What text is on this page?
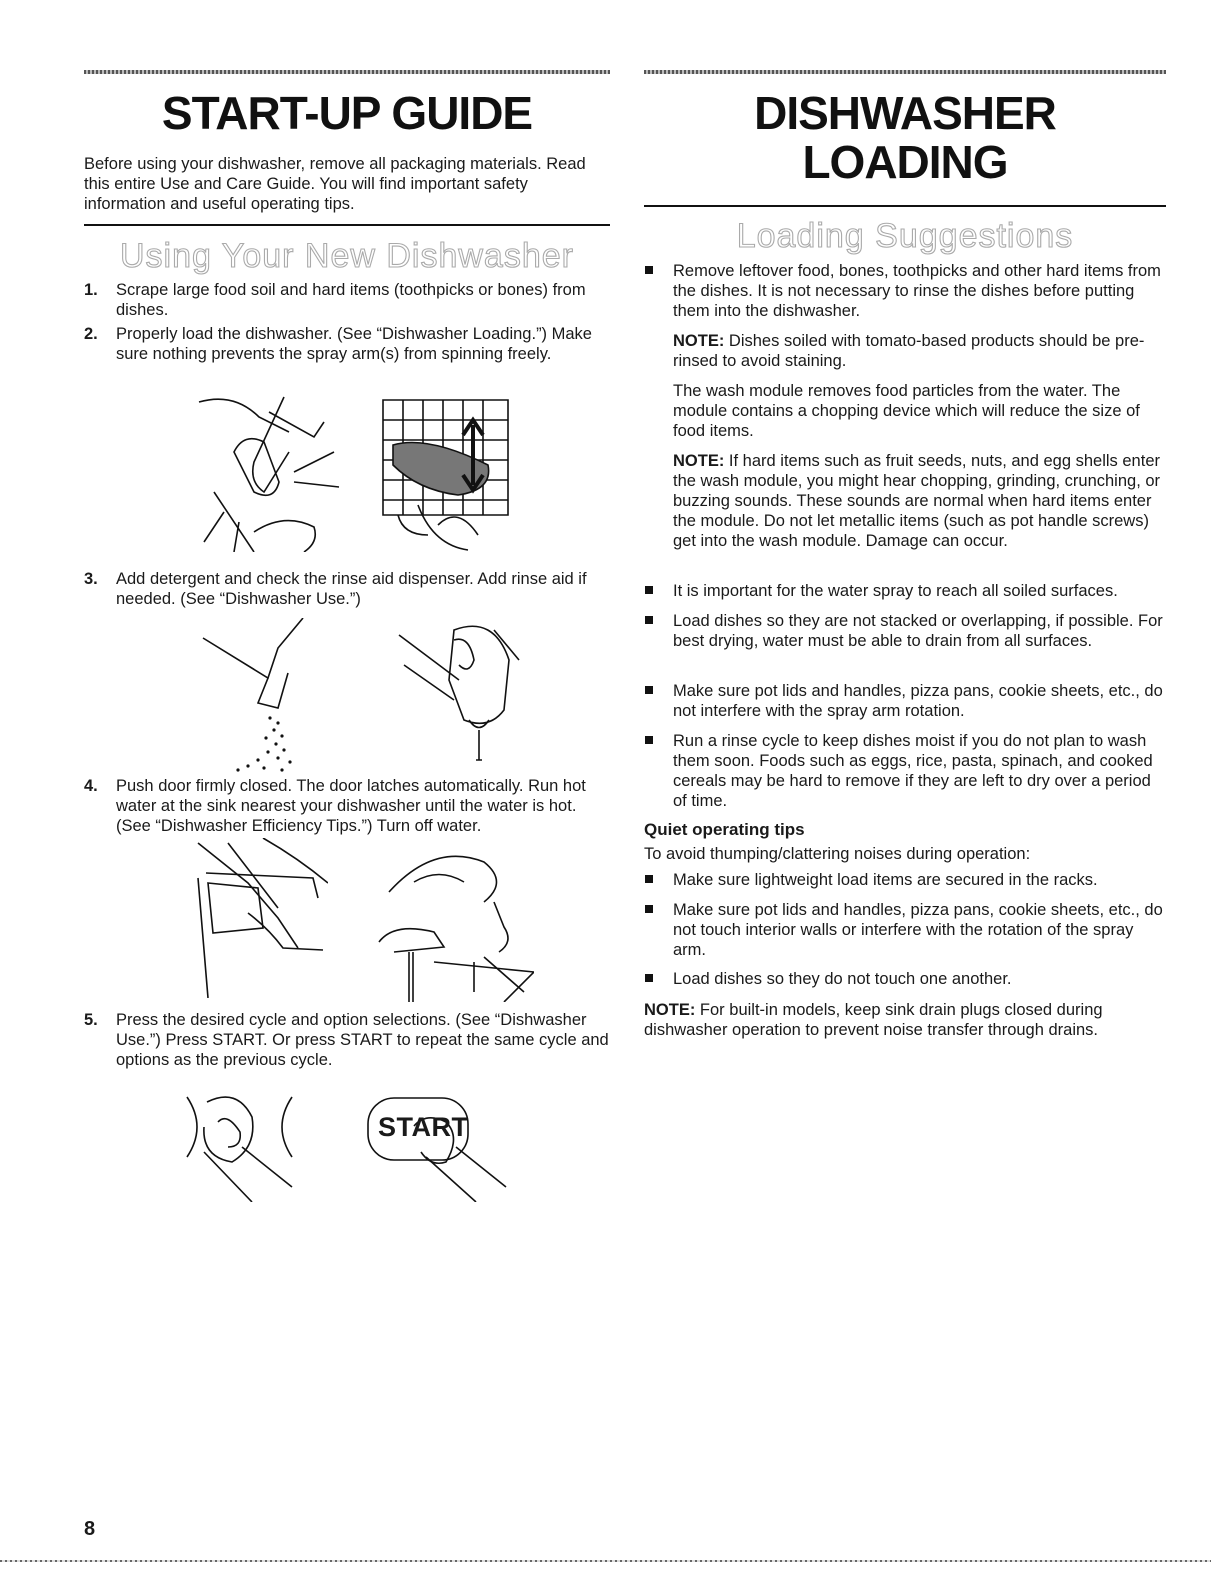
START-UP GUIDE

Before using your dishwasher, remove all packaging materials. Read this entire Use and Care Guide. You will find important safety information and useful operating tips.

Using Your New Dishwasher
1. Scrape large food soil and hard items (toothpicks or bones) from dishes.
2. Properly load the dishwasher. (See “Dishwasher Loading.”) Make sure nothing prevents the spray arm(s) from spinning freely.
3. Add detergent and check the rinse aid dispenser. Add rinse aid if needed. (See “Dishwasher Use.”)
4. Push door firmly closed. The door latches automatically. Run hot water at the sink nearest your dishwasher until the water is hot. (See “Dishwasher Efficiency Tips.”) Turn off water.
5. Press the desired cycle and option selections. (See “Dishwasher Use.”) Press START. Or press START to repeat the same cycle and options as the previous cycle.
START
DISHWASHER
LOADING
Loading Suggestions
Remove leftover food, bones, toothpicks and other hard items from the dishes. It is not necessary to rinse the dishes before putting them into the dishwasher.
NOTE: Dishes soiled with tomato-based products should be pre-rinsed to avoid staining.
The wash module removes food particles from the water. The module contains a chopping device which will reduce the size of food items.
NOTE: If hard items such as fruit seeds, nuts, and egg shells enter the wash module, you might hear chopping, grinding, crunching, or buzzing sounds. These sounds are normal when hard items enter the module. Do not let metallic items (such as pot handle screws) get into the wash module. Damage can occur.
It is important for the water spray to reach all soiled surfaces.
Load dishes so they are not stacked or overlapping, if possible. For best drying, water must be able to drain from all surfaces.
Make sure pot lids and handles, pizza pans, cookie sheets, etc., do not interfere with the spray arm rotation.
Run a rinse cycle to keep dishes moist if you do not plan to wash them soon. Foods such as eggs, rice, pasta, spinach, and cooked cereals may be hard to remove if they are left to dry over a period of time.
Quiet operating tips
To avoid thumping/clattering noises during operation:
Make sure lightweight load items are secured in the racks.
Make sure pot lids and handles, pizza pans, cookie sheets, etc., do not touch interior walls or interfere with the rotation of the spray arm.
Load dishes so they do not touch one another.
NOTE: For built-in models, keep sink drain plugs closed during dishwasher operation to prevent noise transfer through drains.
8
